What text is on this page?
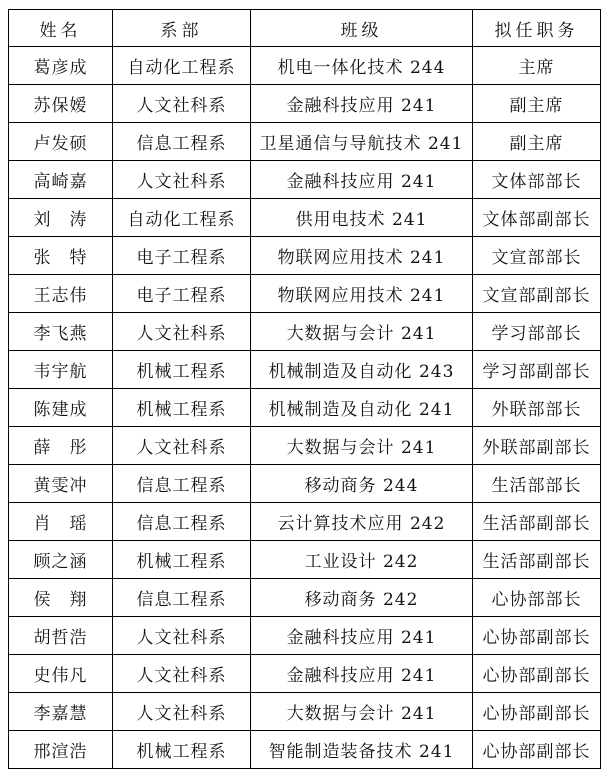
姓名	系部	班级	拟任职务
葛彦成	自动化工程系	机电一体化技术 244	主席
苏保嫒	人文社科系	金融科技应用 241	副主席
卢发硕	信息工程系	卫星通信与导航技术 241	副主席
高崎嘉	人文社科系	金融科技应用 241	文体部部长
刘　涛	自动化工程系	供用电技术 241	文体部副部长
张　特	电子工程系	物联网应用技术 241	文宣部部长
王志伟	电子工程系	物联网应用技术 241	文宣部副部长
李飞燕	人文社科系	大数据与会计 241	学习部部长
韦宇航	机械工程系	机械制造及自动化 243	学习部副部长
陈建成	机械工程系	机械制造及自动化 241	外联部部长
薛　彤	人文社科系	大数据与会计 241	外联部副部长
黄雯冲	信息工程系	移动商务 244	生活部部长
肖　瑶	信息工程系	云计算技术应用 242	生活部副部长
顾之涵	机械工程系	工业设计 242	生活部副部长
侯　翔	信息工程系	移动商务 242	心协部部长
胡哲浩	人文社科系	金融科技应用 241	心协部副部长
史伟凡	人文社科系	金融科技应用 241	心协部副部长
李嘉慧	人文社科系	大数据与会计 241	心协部副部长
邢渲浩	机械工程系	智能制造装备技术 241	心协部副部长
